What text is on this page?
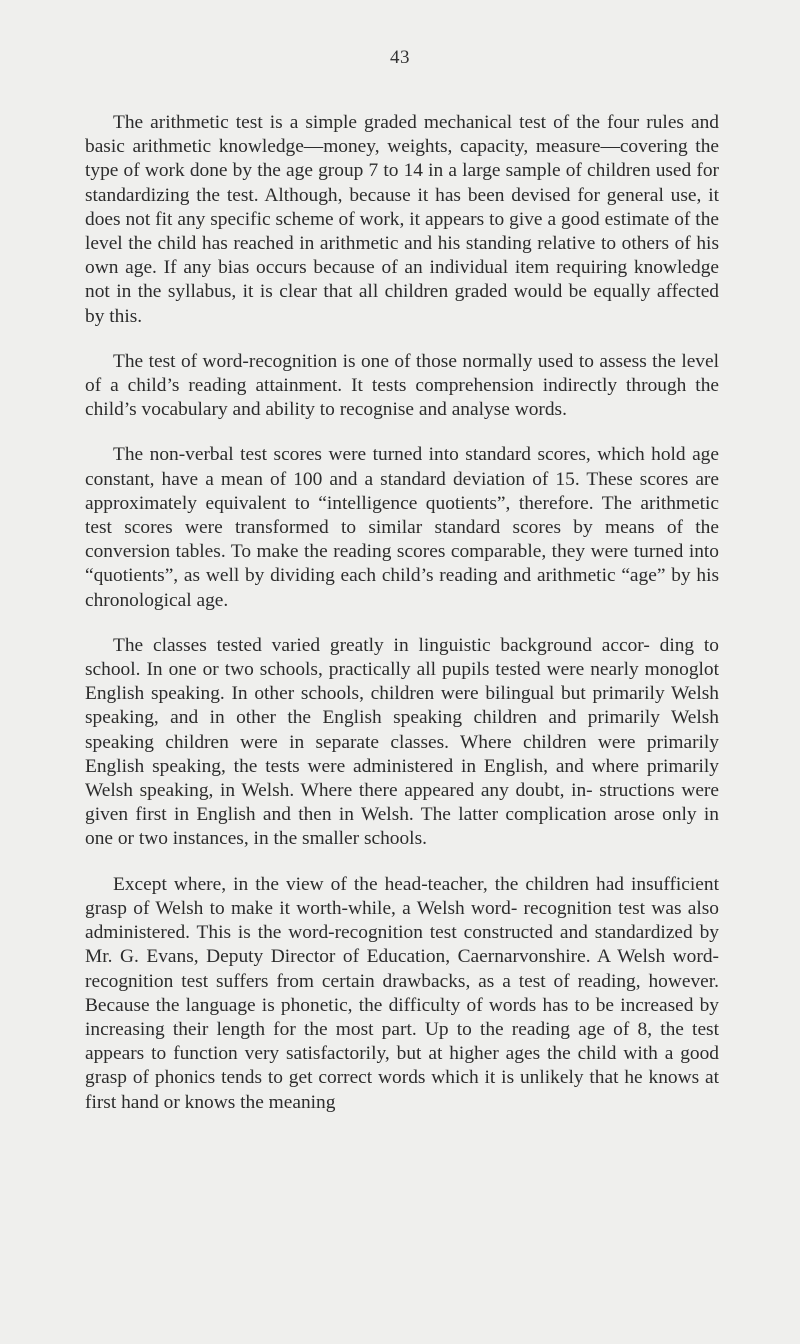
43

The arithmetic test is a simple graded mechanical test of the four rules and basic arithmetic knowledge—money, weights, capacity, measure—covering the type of work done by the age group 7 to 14 in a large sample of children used for standardizing the test. Although, because it has been devised for general use, it does not fit any specific scheme of work, it appears to give a good estimate of the level the child has reached in arithmetic and his standing relative to others of his own age. If any bias occurs because of an individual item requiring knowledge not in the syllabus, it is clear that all children graded would be equally affected by this.

The test of word-recognition is one of those normally used to assess the level of a child’s reading attainment. It tests comprehension indirectly through the child’s vocabulary and ability to recognise and analyse words.

The non-verbal test scores were turned into standard scores, which hold age constant, have a mean of 100 and a standard deviation of 15. These scores are approximately equivalent to “intelligence quotients”, therefore. The arithmetic test scores were transformed to similar standard scores by means of the conversion tables. To make the reading scores comparable, they were turned into “quotients”, as well by dividing each child’s reading and arithmetic “age” by his chronological age.

The classes tested varied greatly in linguistic background accor- ding to school. In one or two schools, practically all pupils tested were nearly monoglot English speaking. In other schools, children were bilingual but primarily Welsh speaking, and in other the English speaking children and primarily Welsh speaking children were in separate classes. Where children were primarily English speaking, the tests were administered in English, and where primarily Welsh speaking, in Welsh. Where there appeared any doubt, in- structions were given first in English and then in Welsh. The latter complication arose only in one or two instances, in the smaller schools.

Except where, in the view of the head-teacher, the children had insufficient grasp of Welsh to make it worth-while, a Welsh word- recognition test was also administered. This is the word-recognition test constructed and standardized by Mr. G. Evans, Deputy Director of Education, Caernarvonshire. A Welsh word-recognition test suffers from certain drawbacks, as a test of reading, however. Because the language is phonetic, the difficulty of words has to be increased by increasing their length for the most part. Up to the reading age of 8, the test appears to function very satisfactorily, but at higher ages the child with a good grasp of phonics tends to get correct words which it is unlikely that he knows at first hand or knows the meaning
